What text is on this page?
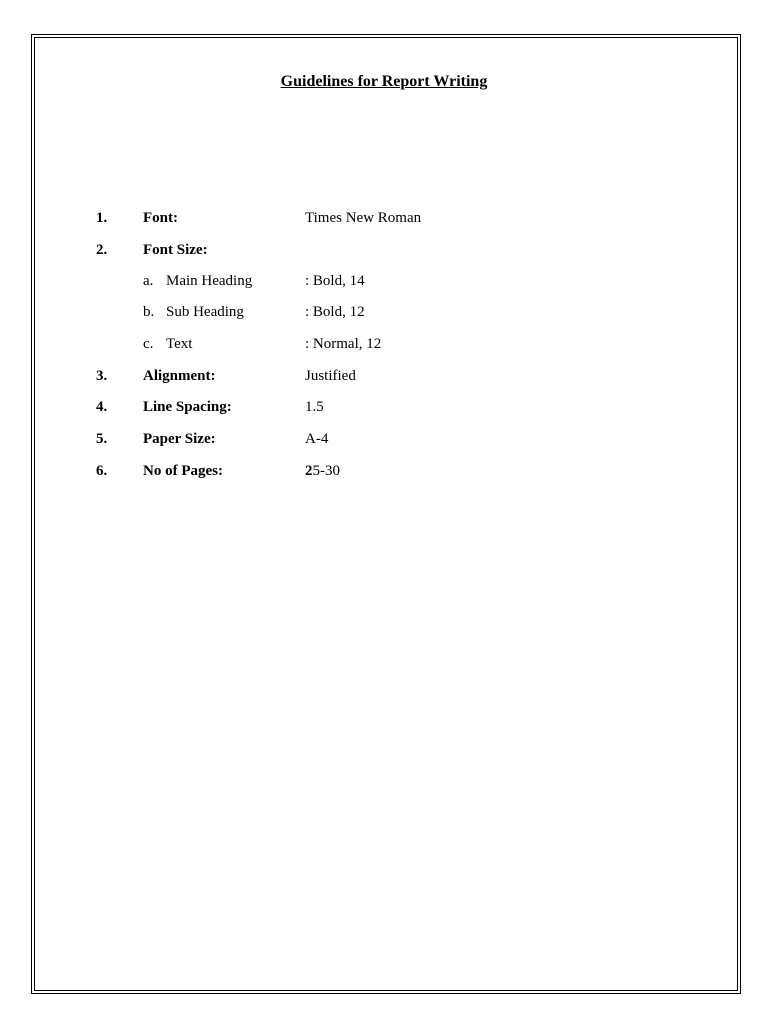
Guidelines for Report Writing
1. Font:	Times New Roman
2. Font Size:
a. Main Heading	: Bold, 14
b. Sub Heading	: Bold, 12
c. Text	: Normal, 12
3. Alignment:	Justified
4. Line Spacing:	1.5
5. Paper Size:	A-4
6. No of Pages:	25-30
